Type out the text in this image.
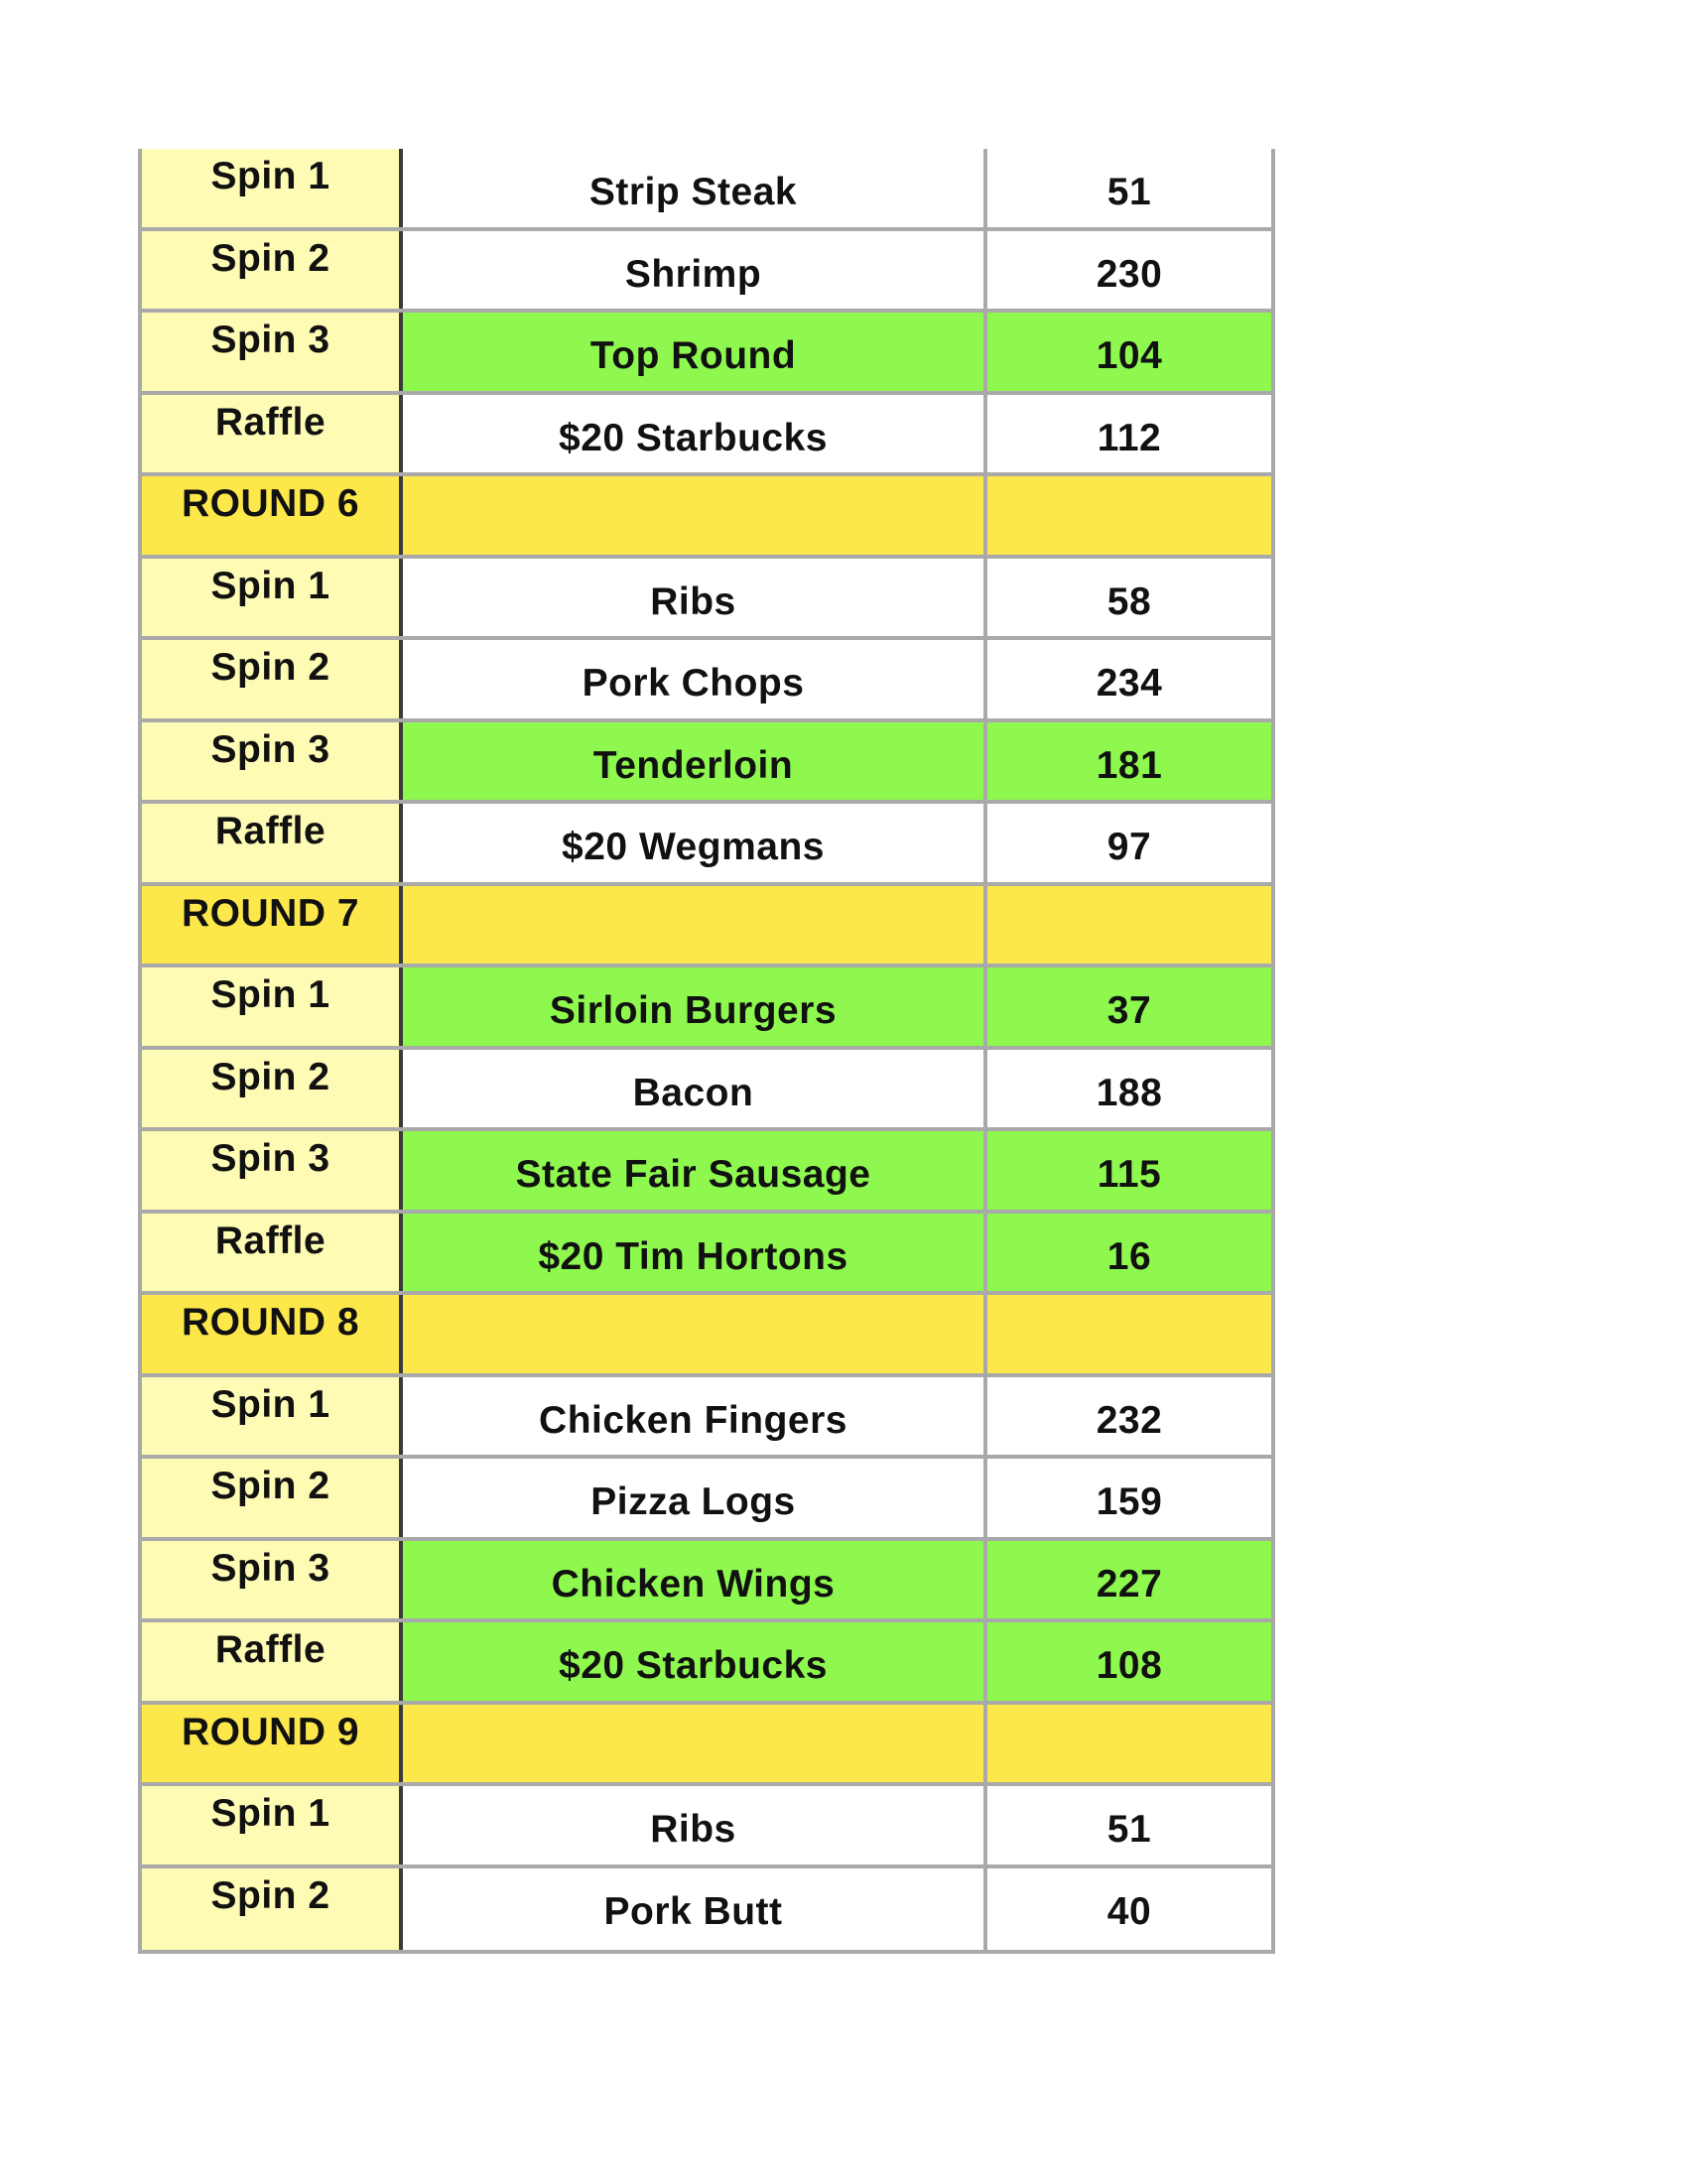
Spin 1	Strip Steak	51
Spin 2	Shrimp	230
Spin 3	Top Round	104
Raffle	$20 Starbucks	112
ROUND 6
Spin 1	Ribs	58
Spin 2	Pork Chops	234
Spin 3	Tenderloin	181
Raffle	$20 Wegmans	97
ROUND 7
Spin 1	Sirloin Burgers	37
Spin 2	Bacon	188
Spin 3	State Fair Sausage	115
Raffle	$20 Tim Hortons	16
ROUND 8
Spin 1	Chicken Fingers	232
Spin 2	Pizza Logs	159
Spin 3	Chicken Wings	227
Raffle	$20 Starbucks	108
ROUND 9
Spin 1	Ribs	51
Spin 2	Pork Butt	40
